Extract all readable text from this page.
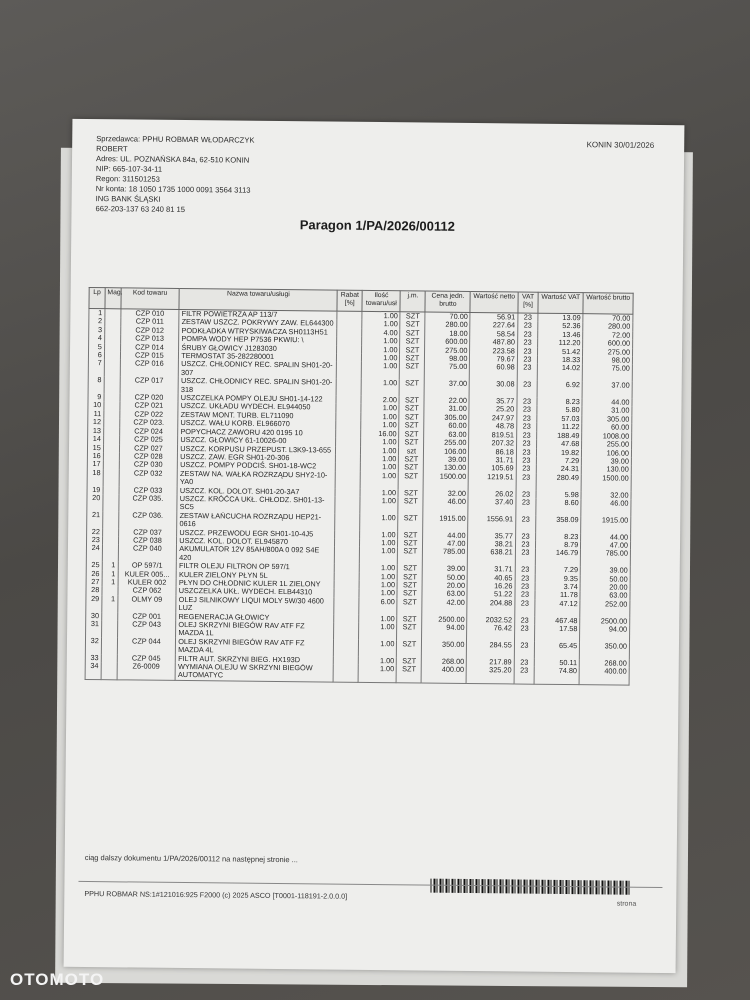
Sprzedawca: PPHU ROBMAR WŁODARCZYK
ROBERT
Adres: UL. POZNAŃSKA 84a, 62-510 KONIN
NIP: 665-107-34-11
Regon: 311501253
Nr konta: 18 1050 1735 1000 0091 3564 3113
ING BANK ŚLĄSKI
662-203-137 63 240 81 15
KONIN 30/01/2026
Paragon 1/PA/2026/00112
Lp	Mag.	Kod towaru	Nazwa towaru/usługi	Rabat [%]	Ilość towaru/usł	j.m.	Cena jedn. brutto	Wartość netto	VAT [%]	Wartość VAT	Wartość brutto
1		CZP 010	FILTR POWIETRZA AP 113/7		1.00	SZT	70.00	56.91	23	13.09	70.00
2		CZP 011	ZESTAW USZCZ. POKRYWY ZAW. EL644300		1.00	SZT	280.00	227.64	23	52.36	280.00
3		CZP 012	PODKŁADKA WTRYSKIWACZA SH0113H51		4.00	SZT	18.00	58.54	23	13.46	72.00
4		CZP 013	POMPA WODY HEP P7536 PKWIU: \		1.00	SZT	600.00	487.80	23	112.20	600.00
5		CZP 014	ŚRUBY GŁOWICY J1283030		1.00	SZT	275.00	223.58	23	51.42	275.00
6		CZP 015	TERMOSTAT 35-282280001		1.00	SZT	98.00	79.67	23	18.33	98.00
7		CZP 016	USZCZ. CHŁODNICY REC. SPALIN SH01-20-307		1.00	SZT	75.00	60.98	23	14.02	75.00
8		CZP 017	USZCZ. CHŁODNICY REC. SPALIN SH01-20-318		1.00	SZT	37.00	30.08	23	6.92	37.00
9		CZP 020	USZCZELKA POMPY OLEJU SH01-14-122		2.00	SZT	22.00	35.77	23	8.23	44.00
10		CZP 021	USZCZ. UKŁADU WYDECH. EL944050		1.00	SZT	31.00	25.20	23	5.80	31.00
11		CZP 022	ZESTAW MONT. TURB. EL711090		1.00	SZT	305.00	247.97	23	57.03	305.00
12		CZP 023.	USZCZ. WAŁU KORB. EL966070		1.00	SZT	60.00	48.78	23	11.22	60.00
13		CZP 024	POPYCHACZ ZAWORU 420 0195 10		16.00	SZT	63.00	819.51	23	188.49	1008.00
14		CZP 025	USZCZ. GŁOWICY 61-10026-00		1.00	SZT	255.00	207.32	23	47.68	255.00
15		CZP 027	USZCZ. KORPUSU PRZEPUST. L3K9-13-655		1.00	szt	106.00	86.18	23	19.82	106.00
16		CZP 028	USZCZ. ZAW. EGR SH01-20-306		1.00	SZT	39.00	31.71	23	7.29	39.00
17		CZP 030	USZCZ. POMPY PODCIŚ. SH01-18-WC2		1.00	SZT	130.00	105.69	23	24.31	130.00
18		CZP 032	ZESTAW NA. WAŁKA ROZRZĄDU SHY2-10-YA0		1.00	SZT	1500.00	1219.51	23	280.49	1500.00
19		CZP 033	USZCZ. KOL. DOLOT. SH01-20-3A7		1.00	SZT	32.00	26.02	23	5.98	32.00
20		CZP 035.	USZCZ. KRÓĆCA UKŁ. CHŁODZ. SH01-13-SC5		1.00	SZT	46.00	37.40	23	8.60	46.00
21		CZP 036.	ZESTAW ŁAŃCUCHA ROZRZĄDU HEP21-0616		1.00	SZT	1915.00	1556.91	23	358.09	1915.00
22		CZP 037	USZCZ. PRZEWODU EGR SH01-10-4J5		1.00	SZT	44.00	35.77	23	8.23	44.00
23		CZP 038	USZCZ. KOL. DOLOT. EL945870		1.00	SZT	47.00	38.21	23	8.79	47.00
24		CZP 040	AKUMULATOR 12V 85AH/800A 0 092 S4E 420		1.00	SZT	785.00	638.21	23	146.79	785.00
25	1	OP 597/1	FILTR OLEJU FILTRON OP 597/1		1.00	SZT	39.00	31.71	23	7.29	39.00
26	1	KULER 005...	KULER ZIELONY PŁYN 5L		1.00	SZT	50.00	40.65	23	9.35	50.00
27	1	KULER 002	PŁYN DO CHŁODNIC KULER 1L ZIELONY		1.00	SZT	20.00	16.26	23	3.74	20.00
28		CZP 062	USZCZELKA UKŁ. WYDECH. ELB44310		1.00	SZT	63.00	51.22	23	11.78	63.00
29	1	OLMY 09	OLEJ SILNIKOWY LIQUI MOLY 5W/30 4600 LUZ		6.00	SZT	42.00	204.88	23	47.12	252.00
30		CZP 001	REGENERACJA GŁOWICY		1.00	SZT	2500.00	2032.52	23	467.48	2500.00
31		CZP 043	OLEJ SKRZYNI BIEGÓW RAV ATF FZ MAZDA 1L		1.00	SZT	94.00	76.42	23	17.58	94.00
32		CZP 044	OLEJ SKRZYNI BIEGÓW RAV ATF FZ MAZDA 4L		1.00	SZT	350.00	284.55	23	65.45	350.00
33		CZP 045	FILTR AUT. SKRZYNI BIEG. HX193D		1.00	SZT	268.00	217.89	23	50.11	268.00
34		Z6-0009	WYMIANA OLEJU W SKRZYNI BIEGÓW AUTOMATYC		1.00	SZT	400.00	325.20	23	74.80	400.00
ciąg dalszy dokumentu 1/PA/2026/00112 na następnej stronie ...
PPHU ROBMAR NS:1#121016:925 F2000 (c) 2025 ASCO [T0001-118191-2.0.0.0]
strona
OTOMOTO
